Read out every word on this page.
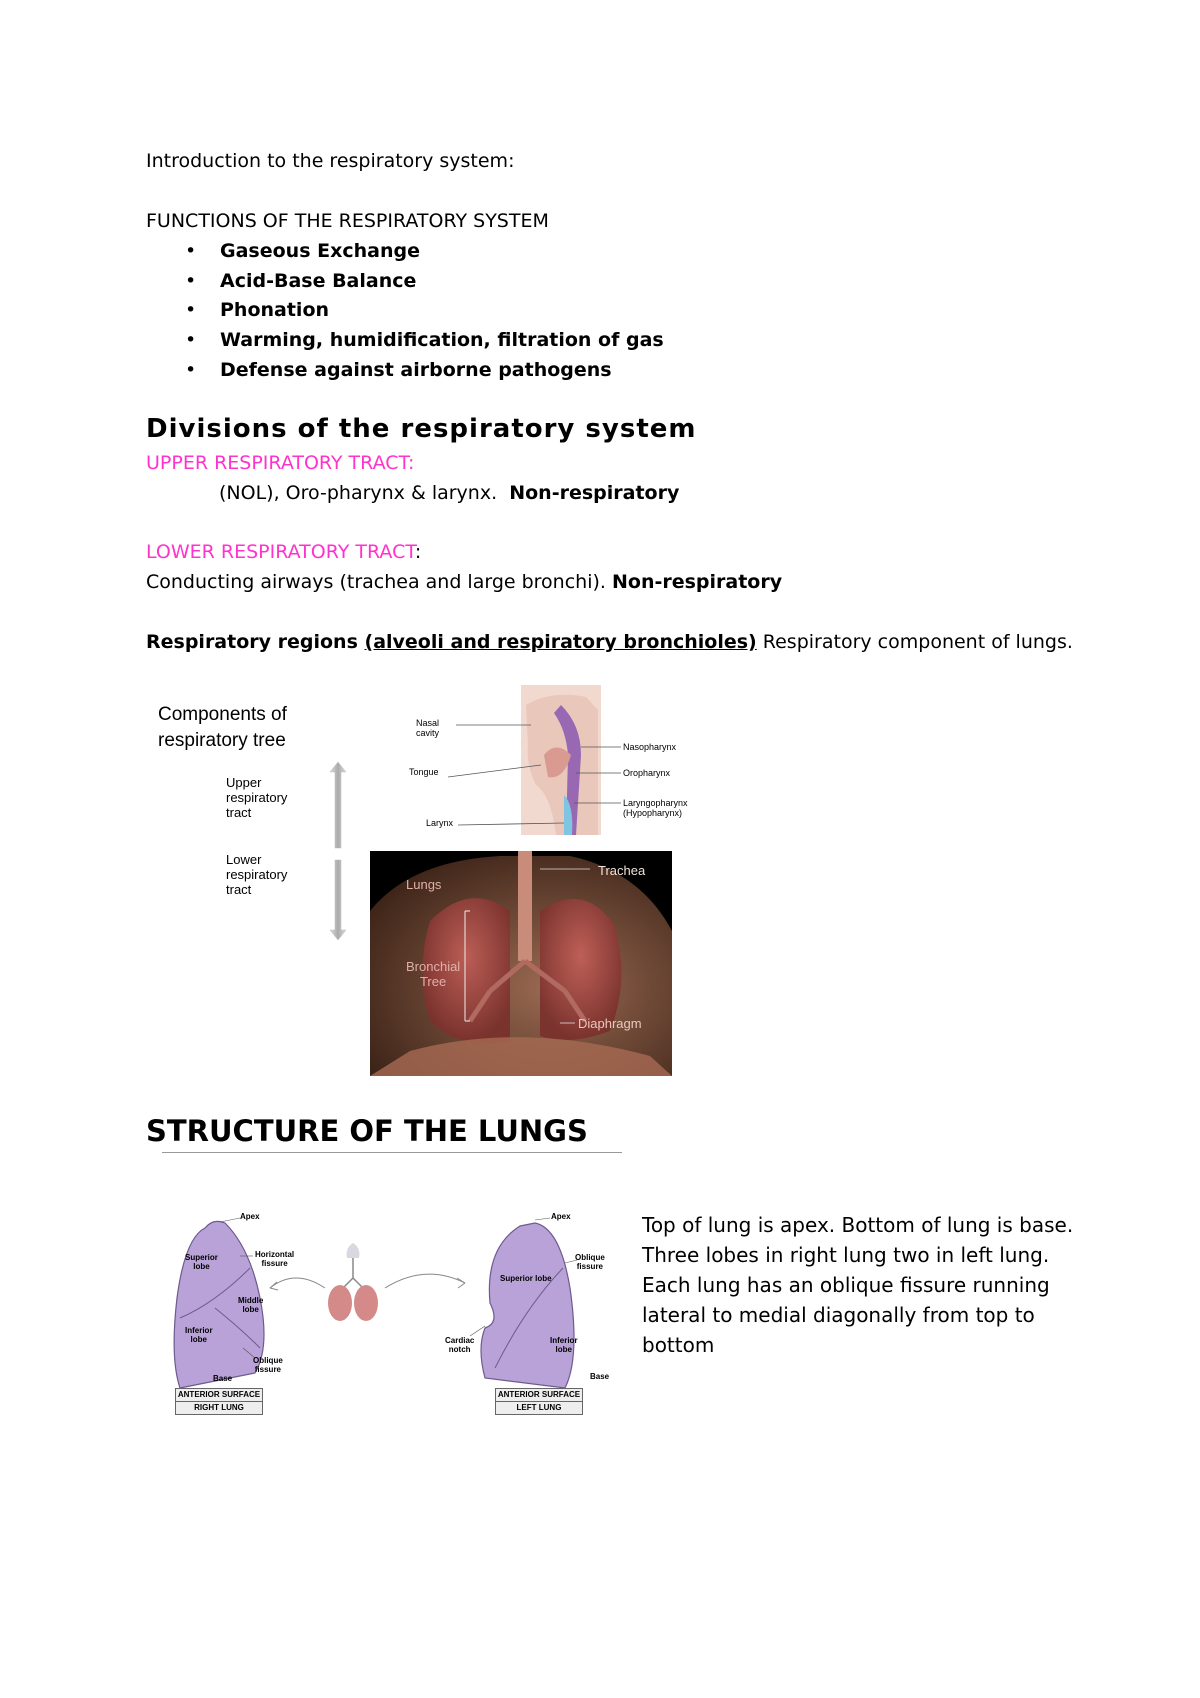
Introduction to the respiratory system:
FUNCTIONS OF THE RESPIRATORY SYSTEM
• Gaseous Exchange
• Acid-Base Balance
• Phonation
• Warming, humidification, filtration of gas
• Defense against airborne pathogens
Divisions of the respiratory system
UPPER RESPIRATORY TRACT:
(NOL), Oro-pharynx & larynx.  Non-respiratory
LOWER RESPIRATORY TRACT:
Conducting airways (trachea and large bronchi). Non-respiratory
Respiratory regions (alveoli and respiratory bronchioles) Respiratory component of lungs.
Components of
respiratory tree
Upper
respiratory
tract
Lower
respiratory
tract
Nasal
cavity
Tongue
Larynx
Nasopharynx
Oropharynx
Laryngopharynx
(Hypopharynx)
Lungs
Trachea
Bronchial
Tree
Diaphragm
STRUCTURE OF THE LUNGS
Apex
Superior
lobe
Horizontal
fissure
Middle
lobe
Inferior
lobe
Oblique
fissure
Base
ANTERIOR SURFACE
RIGHT LUNG
Apex
Superior lobe
Oblique
fissure
Cardiac
notch
Inferior
lobe
Base
ANTERIOR SURFACE
LEFT LUNG
Top of lung is apex. Bottom of lung is base.
Three lobes in right lung two in left lung.
Each lung has an oblique fissure running
lateral to medial diagonally from top to
bottom
